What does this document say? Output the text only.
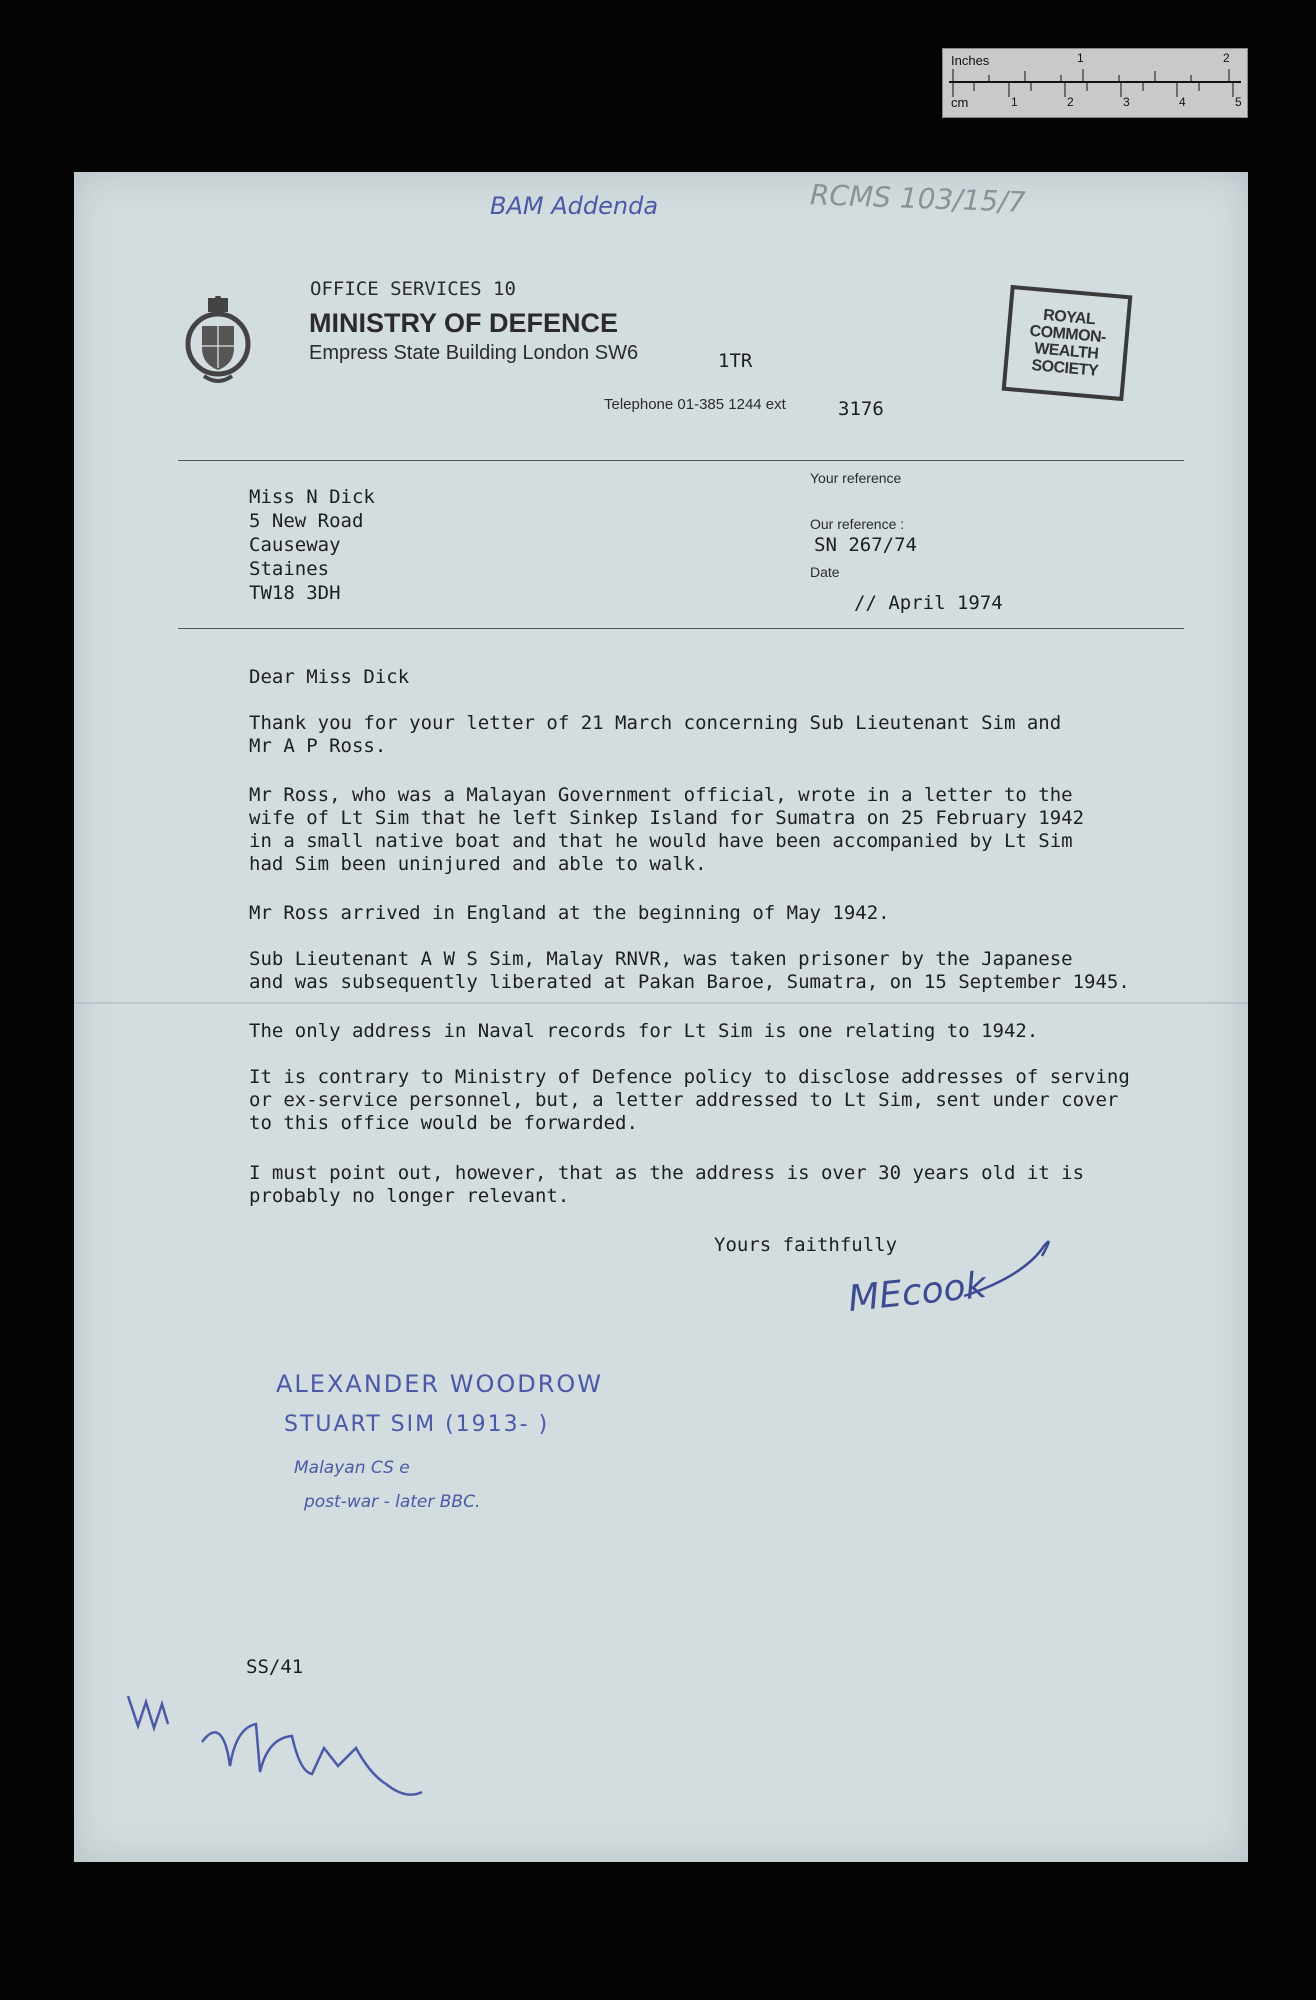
Inches	1	2
cm	1	2	3	4	5
BAM Addenda	RCMS 103/15/7
OFFICE SERVICES 10
MINISTRY OF DEFENCE
Empress State Building London SW6	1TR
Telephone 01-385 1244 ext	3176
ROYAL
COMMON-
WEALTH
SOCIETY
Miss N Dick
5 New Road
Causeway
Staines
TW18 3DH
Your reference
Our reference :
SN 267/74
Date
// April 1974
Dear Miss Dick
Thank you for your letter of 21 March concerning Sub Lieutenant Sim and
Mr A P Ross.
Mr Ross, who was a Malayan Government official, wrote in a letter to the
wife of Lt Sim that he left Sinkep Island for Sumatra on 25 February 1942
in a small native boat and that he would have been accompanied by Lt Sim
had Sim been uninjured and able to walk.
Mr Ross arrived in England at the beginning of May 1942.
Sub Lieutenant A W S Sim, Malay RNVR, was taken prisoner by the Japanese
and was subsequently liberated at Pakan Baroe, Sumatra, on 15 September 1945.
The only address in Naval records for Lt Sim is one relating to 1942.
It is contrary to Ministry of Defence policy to disclose addresses of serving
or ex-service personnel, but, a letter addressed to Lt Sim, sent under cover
to this office would be forwarded.
I must point out, however, that as the address is over 30 years old it is
probably no longer relevant.
Yours faithfully
MEcook
ALEXANDER WOODROW
STUART SIM (1913- )
Malayan CS e
post-war - later BBC.
SS/41
